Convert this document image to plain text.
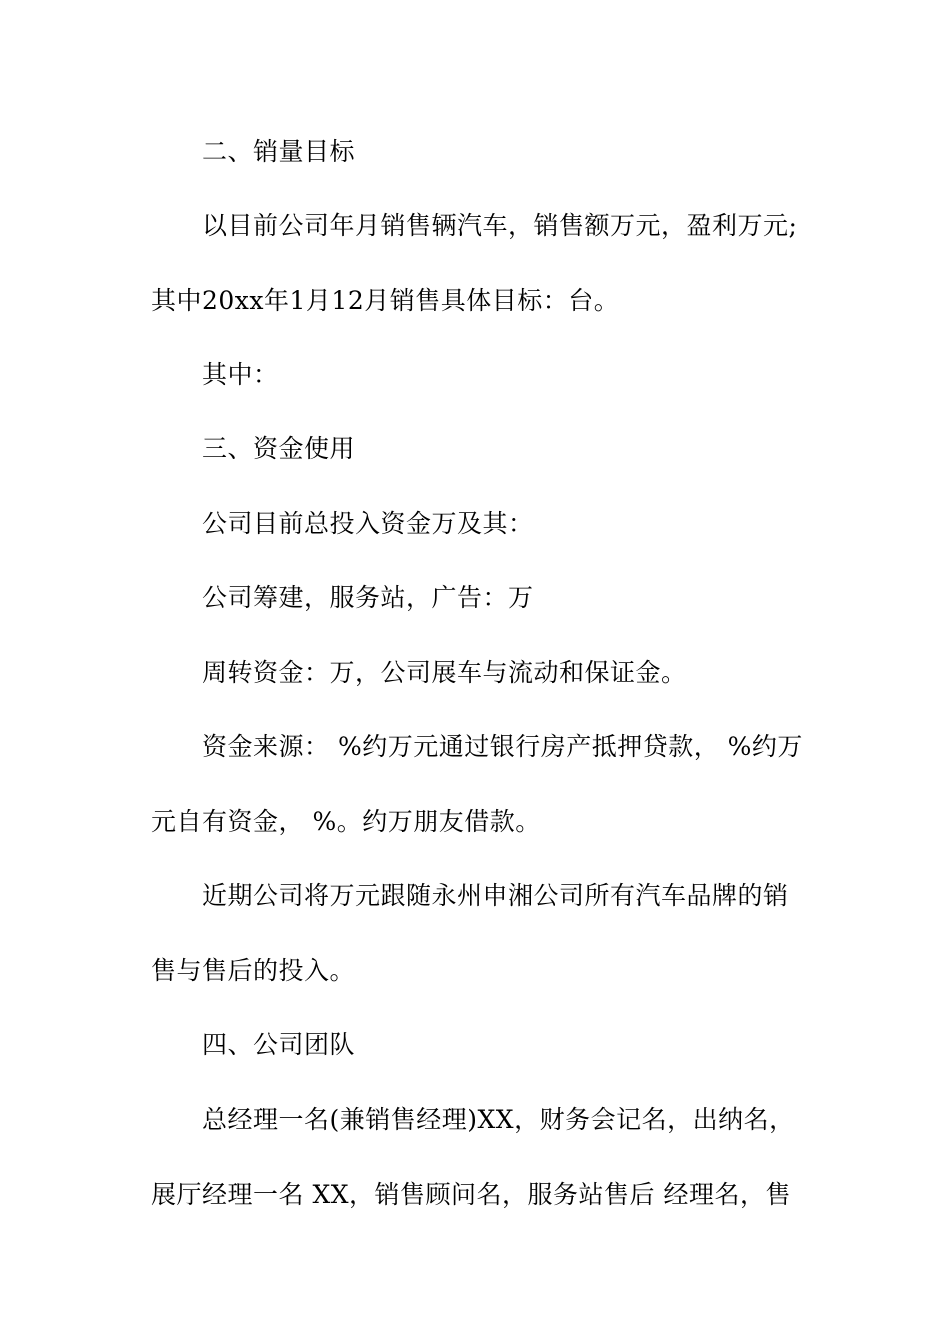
二、销量目标
以目前公司年月销售辆汽车，销售额万元，盈利万元;
其中20xx年1月12月销售具体目标：台。
其中：
三、资金使用
公司目前总投入资金万及其：
公司筹建，服务站，广告：万
周转资金：万，公司展车与流动和保证金。
资金来源： %约万元通过银行房产抵押贷款， %约万
元自有资金， %。约万朋友借款。
近期公司将万元跟随永州申湘公司所有汽车品牌的销
售与售后的投入。
四、公司团队
总经理一名(兼销售经理)XX，财务会记名，出纳名，
展厅经理一名 XX，销售顾问名，服务站售后 经理名，售
